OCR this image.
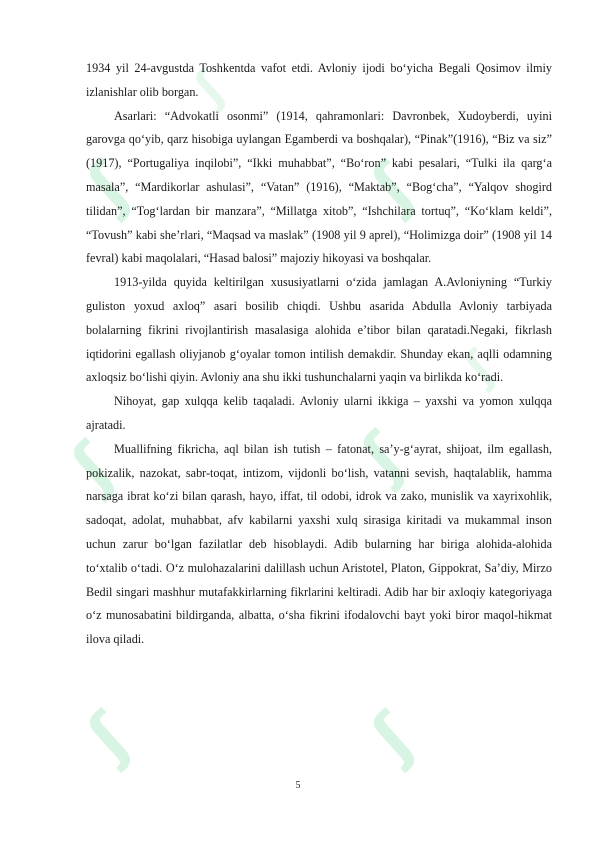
ʃ	ʃ
ʃ	ʃ
ʃ	ʃ
ʃ
ʃ

1934 yil 24-avgustda Toshkentda vafot etdi. Avloniy ijodi bo‘yicha Begali Qosimov ilmiy izlanishlar olib borgan.

Asarlari: “Advokatli osonmi” (1914, qahramonlari: Davronbek, Xudoyberdi, uyini garovga qo‘yib, qarz hisobiga uylangan Egamberdi va boshqalar), “Pinak”(1916), “Biz va siz” (1917), “Portugaliya inqilobi”, “Ikki muhabbat”, “Bo‘ron” kabi pesalari, “Tulki ila qarg‘a masala”, “Mardikorlar ashulasi”, “Vatan” (1916), “Maktab”, “Bog‘cha”, “Yalqov shogird tilidan”, “Tog‘lardan bir manzara”, “Millatga xitob”, “Ishchilara tortuq”, “Ko‘klam keldi”, “Tovush” kabi she’rlari, “Maqsad va maslak” (1908 yil 9 aprel), “Holimizga doir” (1908 yil 14 fevral) kabi maqolalari, “Hasad balosi” majoziy hikoyasi va boshqalar.

1913-yilda quyida keltirilgan xususiyatlarni o‘zida jamlagan A.Avloniyning “Turkiy guliston yoxud axloq” asari bosilib chiqdi. Ushbu asarida Abdulla Avloniy tarbiyada bolalarning fikrini rivojlantirish masalasiga alohida e’tibor bilan qaratadi.Negaki, fikrlash iqtidorini egallash oliyjanob g‘oyalar tomon intilish demakdir. Shunday ekan, aqlli odamning axloqsiz bo‘lishi qiyin. Avloniy ana shu ikki tushunchalarni yaqin va birlikda ko‘radi.

Nihoyat, gap xulqqa kelib taqaladi. Avloniy ularni ikkiga – yaxshi va yomon xulqqa ajratadi.

Muallifning fikricha, aql bilan ish tutish – fatonat, sa’y-g‘ayrat, shijoat, ilm egallash, pokizalik, nazokat, sabr-toqat, intizom, vijdonli bo‘lish, vatanni sevish, haqtalablik, hamma narsaga ibrat ko‘zi bilan qarash, hayo, iffat, til odobi, idrok va zako, munislik va xayrixohlik, sadoqat, adolat, muhabbat, afv kabilarni yaxshi xulq sirasiga kiritadi va mukammal inson uchun zarur bo‘lgan fazilatlar deb hisoblaydi. Adib bularning har biriga alohida-alohida to‘xtalib o‘tadi. O‘z mulohazalarini dalillash uchun Aristotel, Platon, Gippokrat, Sa’diy, Mirzo Bedil singari mashhur mutafakkirlarning fikrlarini keltiradi. Adib har bir axloqiy kategoriyaga o‘z munosabatini bildirganda, albatta, o‘sha fikrini ifodalovchi bayt yoki biror maqol-hikmat ilova qiladi.

5
